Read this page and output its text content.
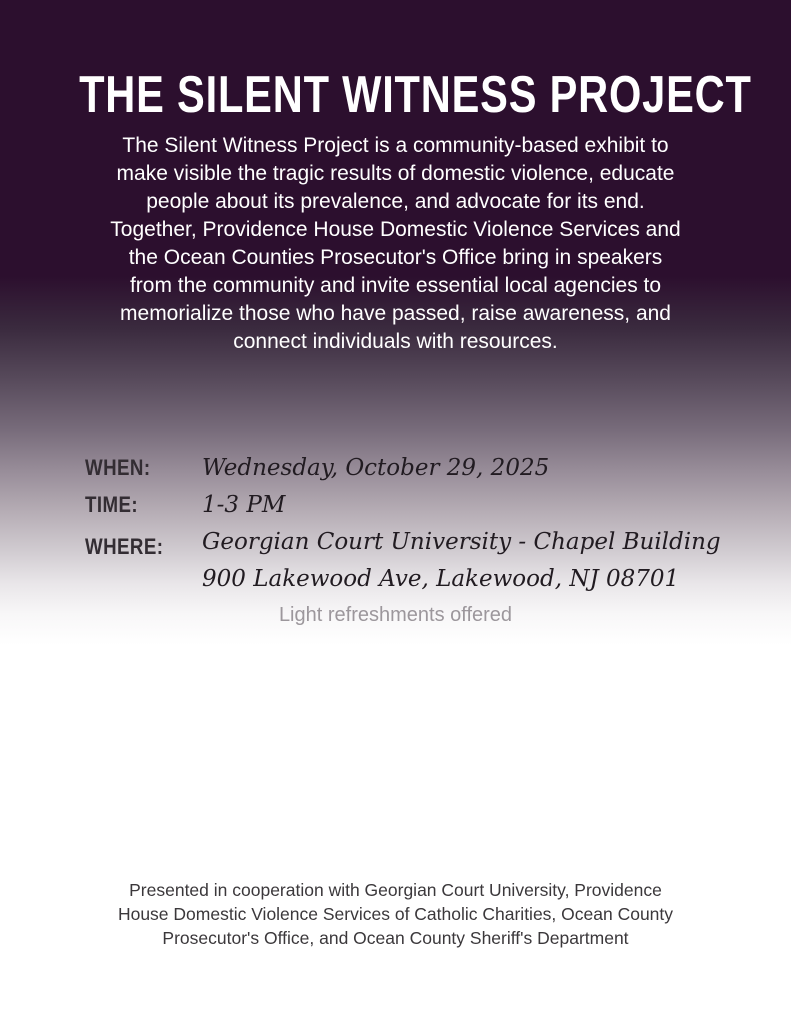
THE SILENT WITNESS PROJECT
The Silent Witness Project is a community-based exhibit to
make visible the tragic results of domestic violence, educate
people about its prevalence, and advocate for its end.
Together, Providence House Domestic Violence Services and
the Ocean Counties Prosecutor's Office bring in speakers
from the community and invite essential local agencies to
memorialize those who have passed, raise awareness, and
connect individuals with resources.
WHEN:	Wednesday, October 29, 2025
TIME:	1-3 PM
WHERE:	Georgian Court University - Chapel Building
900 Lakewood Ave, Lakewood, NJ 08701
Light refreshments offered
Presented in cooperation with Georgian Court University, Providence
House Domestic Violence Services of Catholic Charities, Ocean County
Prosecutor's Office, and Ocean County Sheriff's Department
